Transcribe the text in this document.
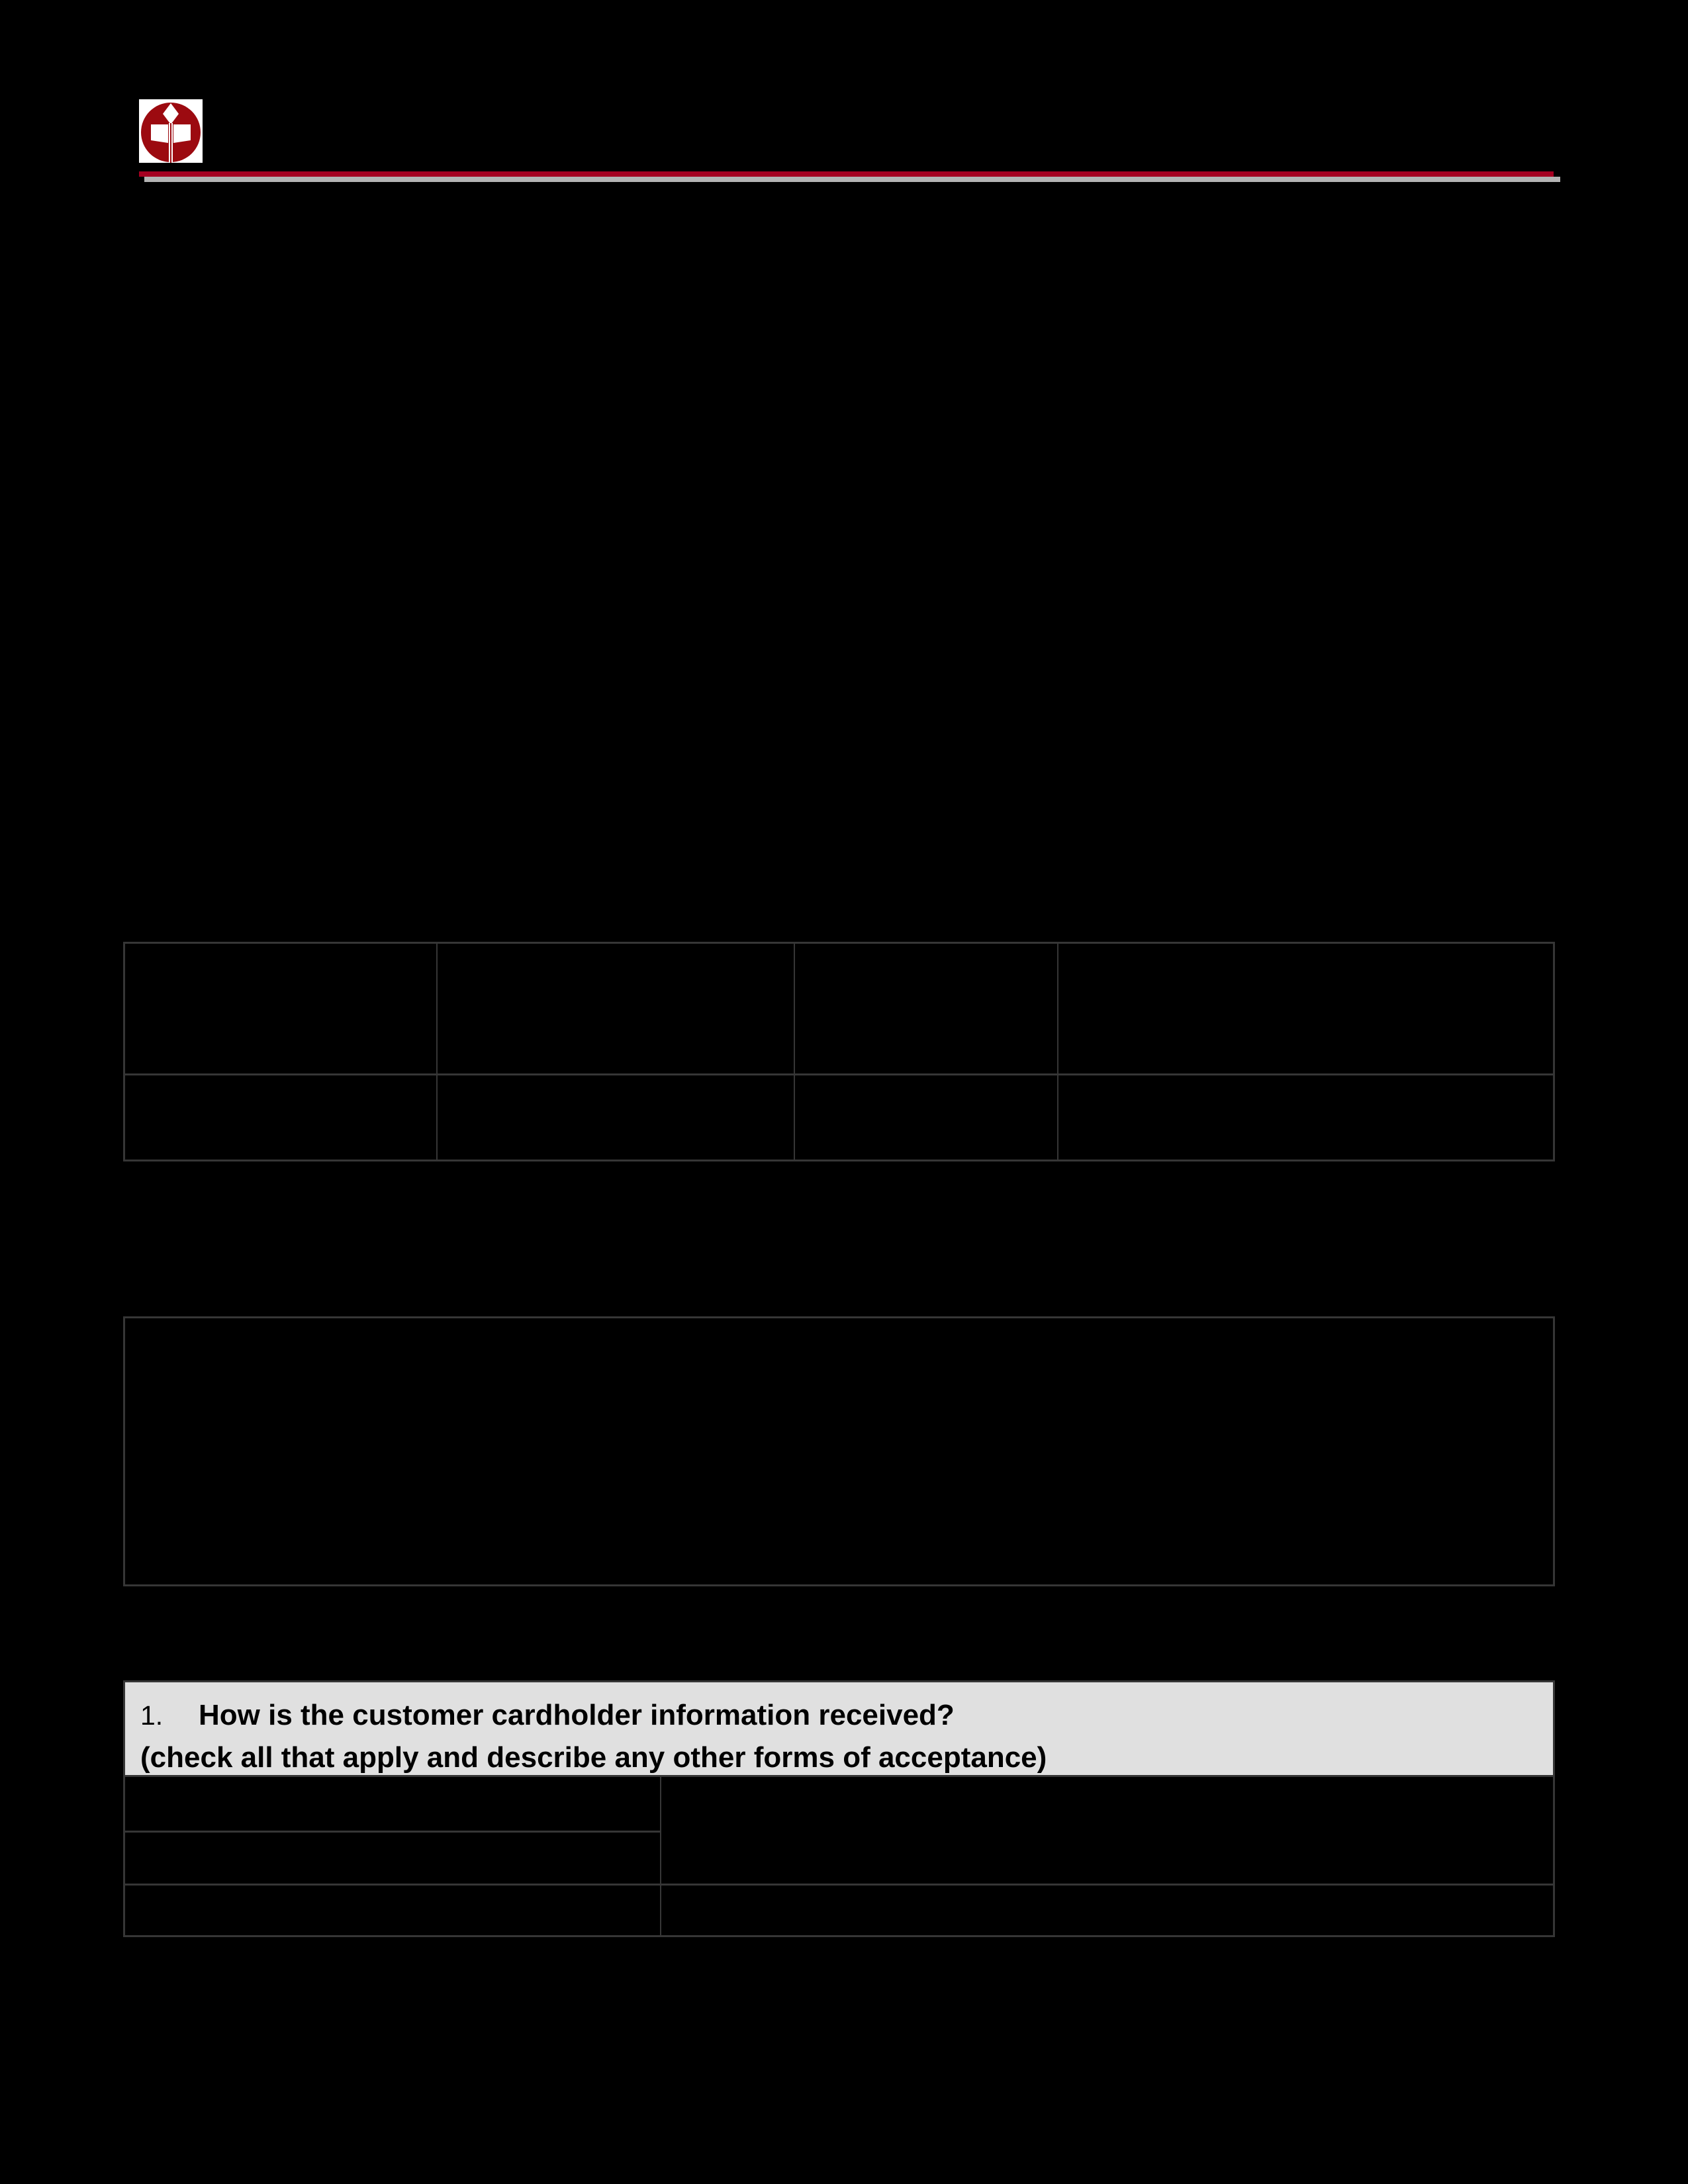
1. How is the customer cardholder information received?
(check all that apply and describe any other forms of acceptance)
